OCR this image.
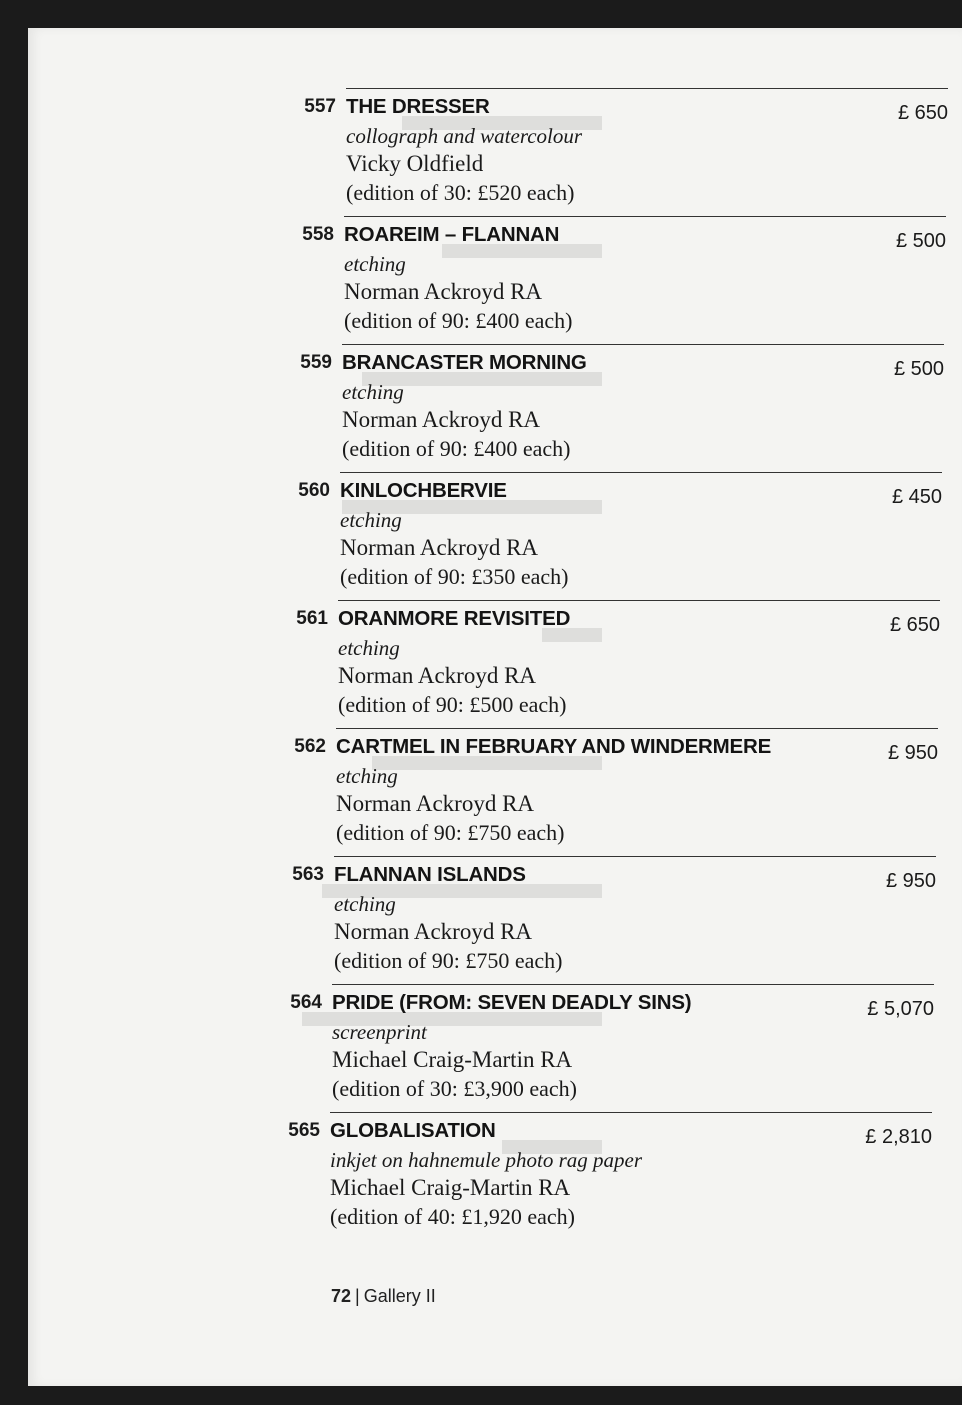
557 THE DRESSER
collograph and watercolour
Vicky Oldfield
(edition of 30: £520 each)
£ 650
558 ROAREIM – FLANNAN
etching
Norman Ackroyd RA
(edition of 90: £400 each)
£ 500
559 BRANCASTER MORNING
etching
Norman Ackroyd RA
(edition of 90: £400 each)
£ 500
560 KINLOCHBERVIE
etching
Norman Ackroyd RA
(edition of 90: £350 each)
£ 450
561 ORANMORE REVISITED
etching
Norman Ackroyd RA
(edition of 90: £500 each)
£ 650
562 CARTMEL IN FEBRUARY AND WINDERMERE
etching
Norman Ackroyd RA
(edition of 90: £750 each)
£ 950
563 FLANNAN ISLANDS
etching
Norman Ackroyd RA
(edition of 90: £750 each)
£ 950
564 PRIDE (FROM: SEVEN DEADLY SINS)
screenprint
Michael Craig-Martin RA
(edition of 30: £3,900 each)
£ 5,070
565 GLOBALISATION
inkjet on hahnemule photo rag paper
Michael Craig-Martin RA
(edition of 40: £1,920 each)
£ 2,810
72 | Gallery II
